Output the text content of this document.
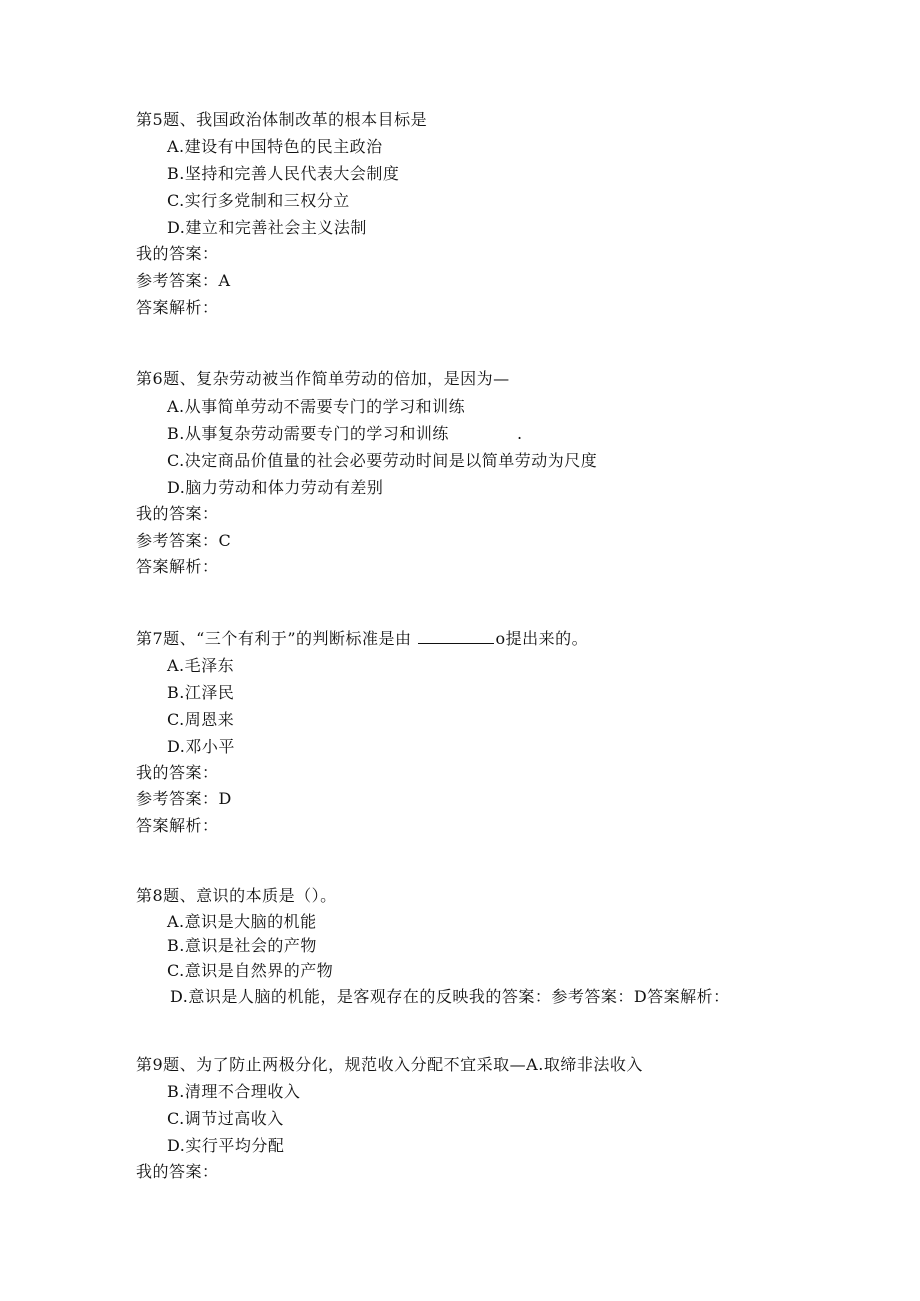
第5题、我国政治体制改革的根本目标是
A.建设有中国特色的民主政治
B.坚持和完善人民代表大会制度
C.实行多党制和三权分立
D.建立和完善社会主义法制
我的答案：
参考答案：A
答案解析：
第6题、复杂劳动被当作简单劳动的倍加，是因为—
A.从事简单劳动不需要专门的学习和训练
B.从事复杂劳动需要专门的学习和训练	.
C.决定商品价值量的社会必要劳动时间是以简单劳动为尺度
D.脑力劳动和体力劳动有差别
我的答案：
参考答案：C
答案解析：
第7题、“三个有利于”的判断标准是由	o提出来的。
A.毛泽东
B.江泽民
C.周恩来
D.邓小平
我的答案：
参考答案：D
答案解析：
第8题、意识的本质是（）。
A.意识是大脑的机能
B.意识是社会的产物
C.意识是自然界的产物
D.意识是人脑的机能，是客观存在的反映我的答案：参考答案：D答案解析：
第9题、为了防止两极分化，规范收入分配不宜采取—A.取缔非法收入
B.清理不合理收入
C.调节过高收入
D.实行平均分配
我的答案：
